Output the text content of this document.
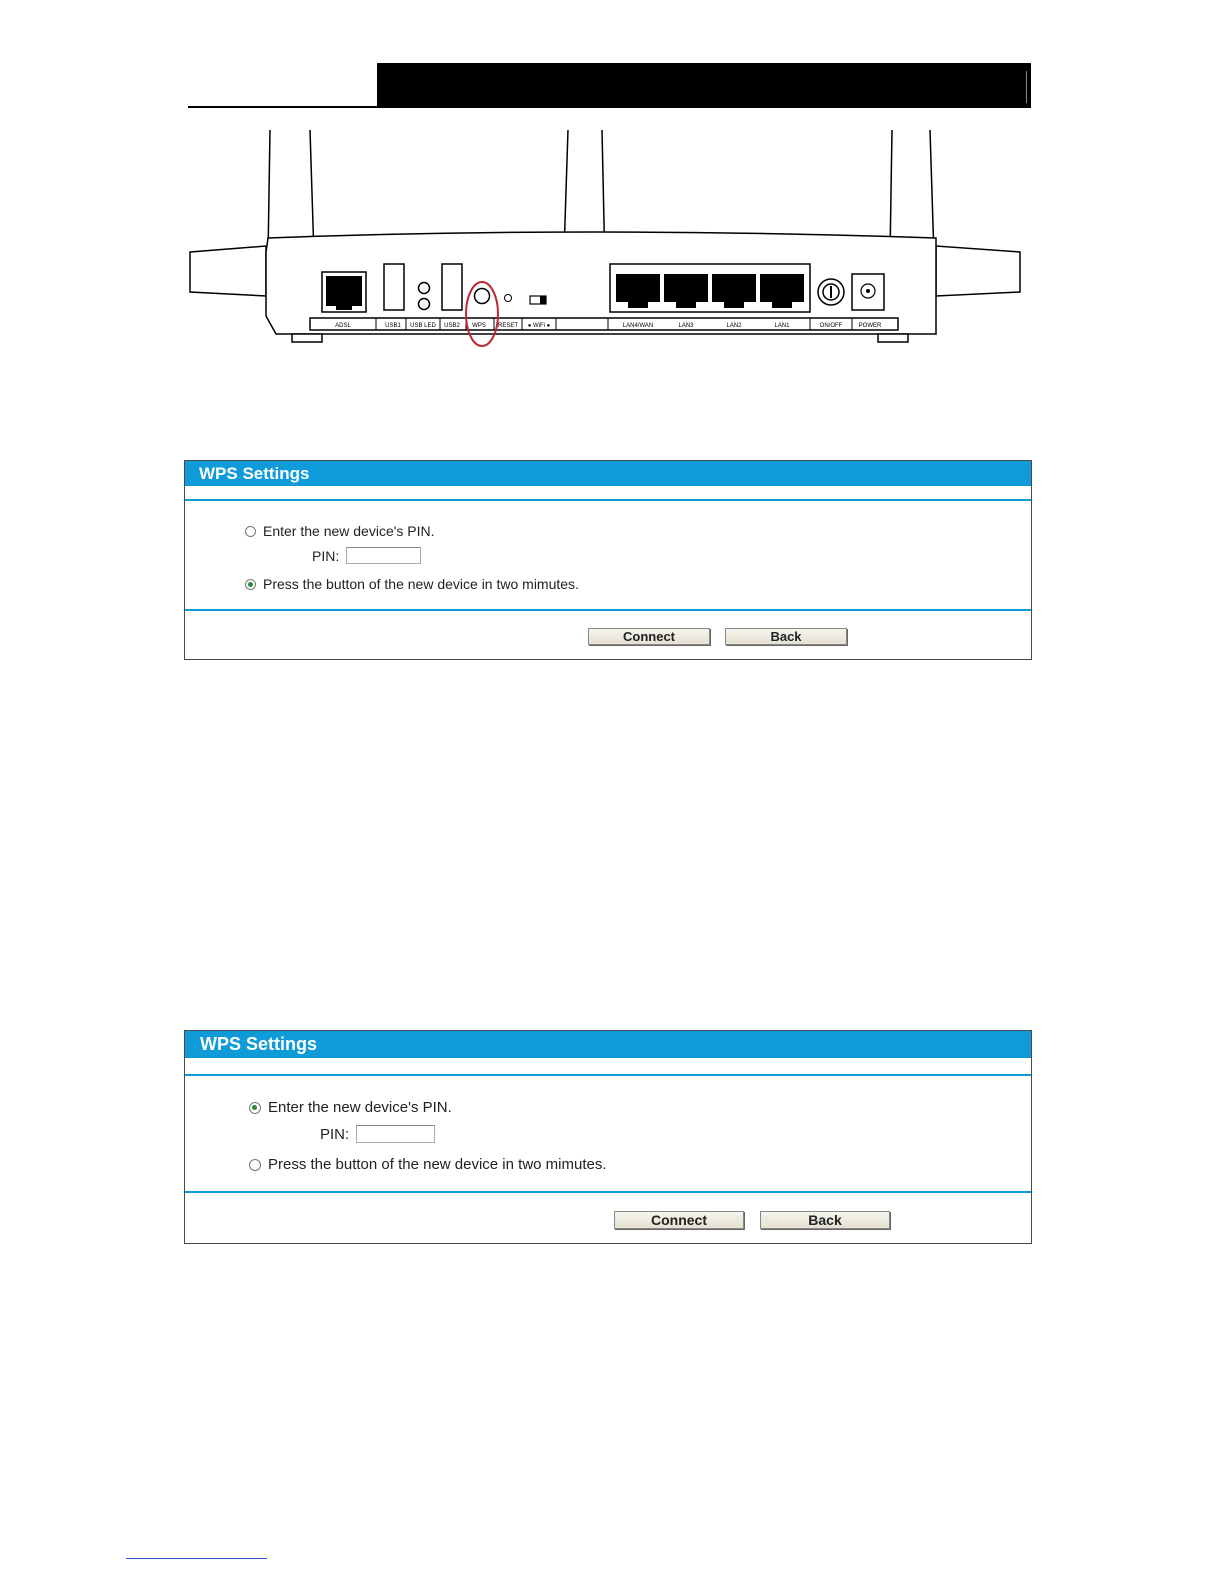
ADSL	USB1 USB LED USB2 WPS RESET ● WiFi ●	LAN4/WAN	LAN3	LAN2	LAN1	ON/OFF	POWER
WPS Settings
Enter the new device's PIN.
PIN:
Press the button of the new device in two mimutes.
Connect	Back
WPS Settings
Enter the new device's PIN.
PIN:
Press the button of the new device in two mimutes.
Connect	Back
